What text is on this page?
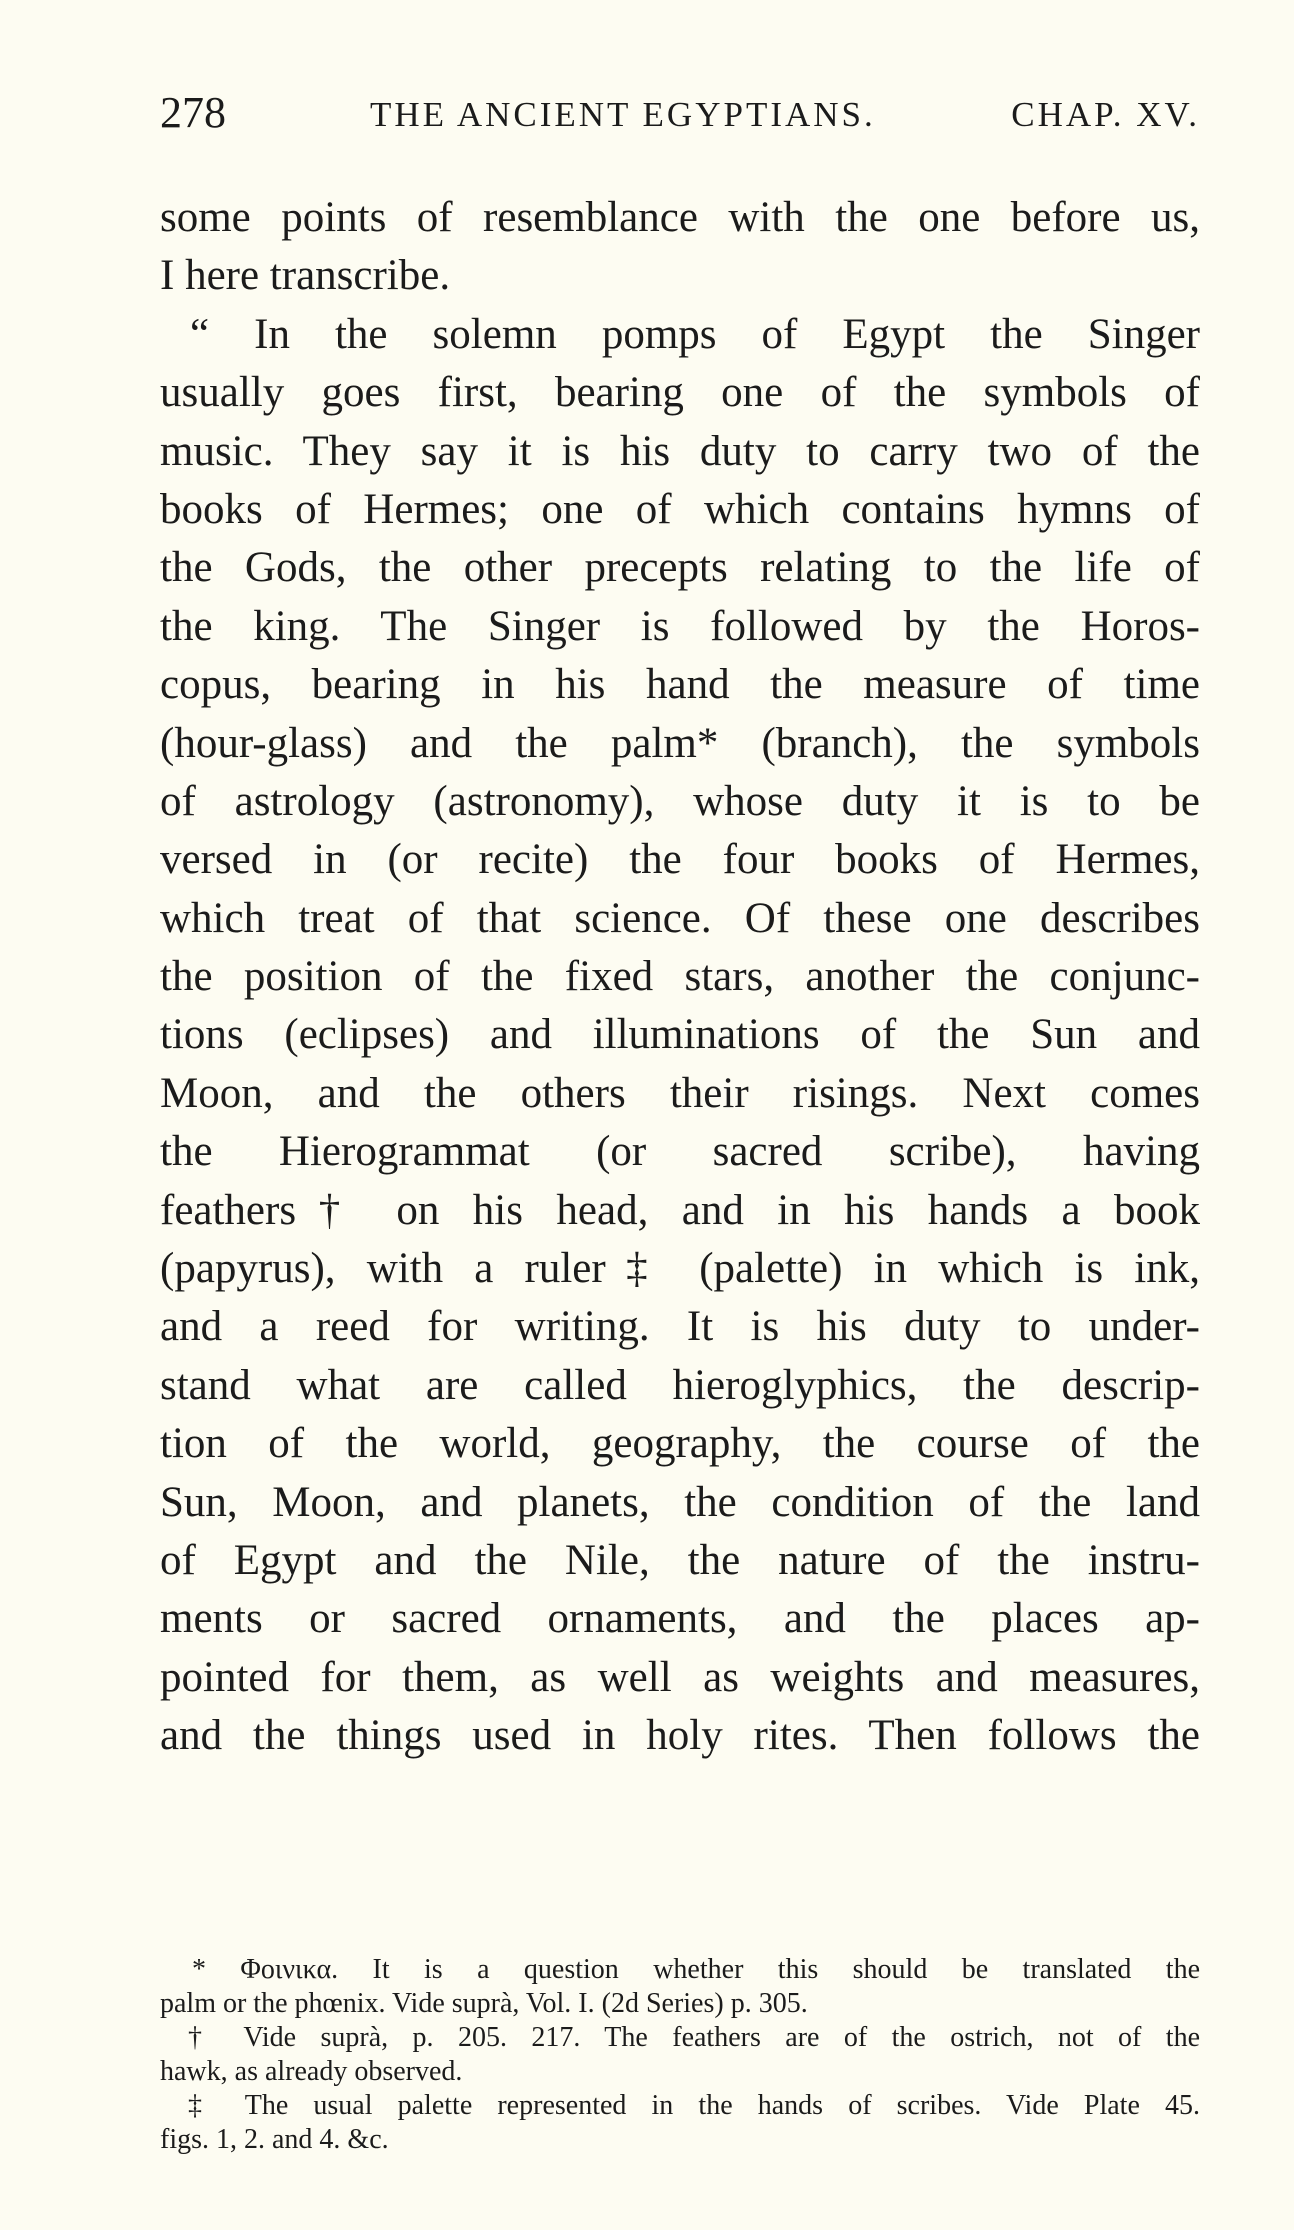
278	THE ANCIENT EGYPTIANS.	CHAP. XV.
some points of resemblance with the one before us,
I here transcribe.
“ In the solemn pomps of Egypt the Singer
usually goes first, bearing one of the symbols of
music. They say it is his duty to carry two of the
books of Hermes; one of which contains hymns of
the Gods, the other precepts relating to the life of
the king. The Singer is followed by the Horos-
copus, bearing in his hand the measure of time
(hour-glass) and the palm* (branch), the symbols
of astrology (astronomy), whose duty it is to be
versed in (or recite) the four books of Hermes,
which treat of that science. Of these one describes
the position of the fixed stars, another the conjunc-
tions (eclipses) and illuminations of the Sun and
Moon, and the others their risings. Next comes
the Hierogrammat (or sacred scribe), having
feathers† on his head, and in his hands a book
(papyrus), with a ruler‡ (palette) in which is ink,
and a reed for writing. It is his duty to under-
stand what are called hieroglyphics, the descrip-
tion of the world, geography, the course of the
Sun, Moon, and planets, the condition of the land
of Egypt and the Nile, the nature of the instru-
ments or sacred ornaments, and the places ap-
pointed for them, as well as weights and measures,
and the things used in holy rites. Then follows the
* Φοινικα. It is a question whether this should be translated the
palm or the phœnix. Vide suprà, Vol. I. (2d Series) p. 305.
† Vide suprà, p. 205. 217. The feathers are of the ostrich, not of the
hawk, as already observed.
‡ The usual palette represented in the hands of scribes. Vide Plate 45.
figs. 1, 2. and 4. &c.
